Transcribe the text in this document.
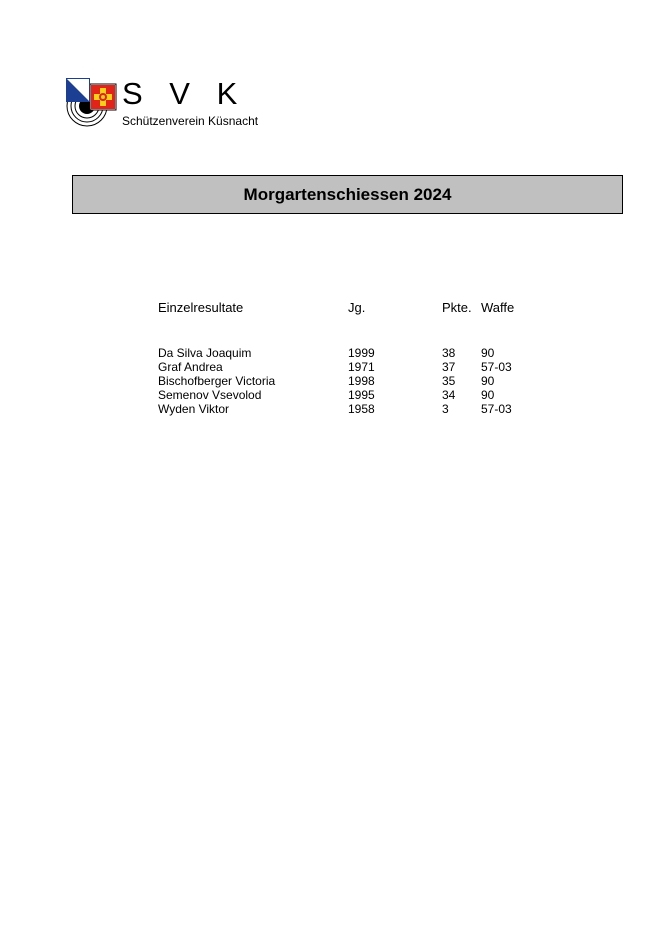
S V K
Schützenverein Küsnacht
Morgartenschiessen 2024
Einzelresultate	Jg.	Pkte. Waffe
Da Silva Joaquim	1999	38 90
Graf Andrea	1971	37 57-03
Bischofberger Victoria	1998	35 90
Semenov Vsevolod	1995	34 90
Wyden Viktor	1958	3	57-03
